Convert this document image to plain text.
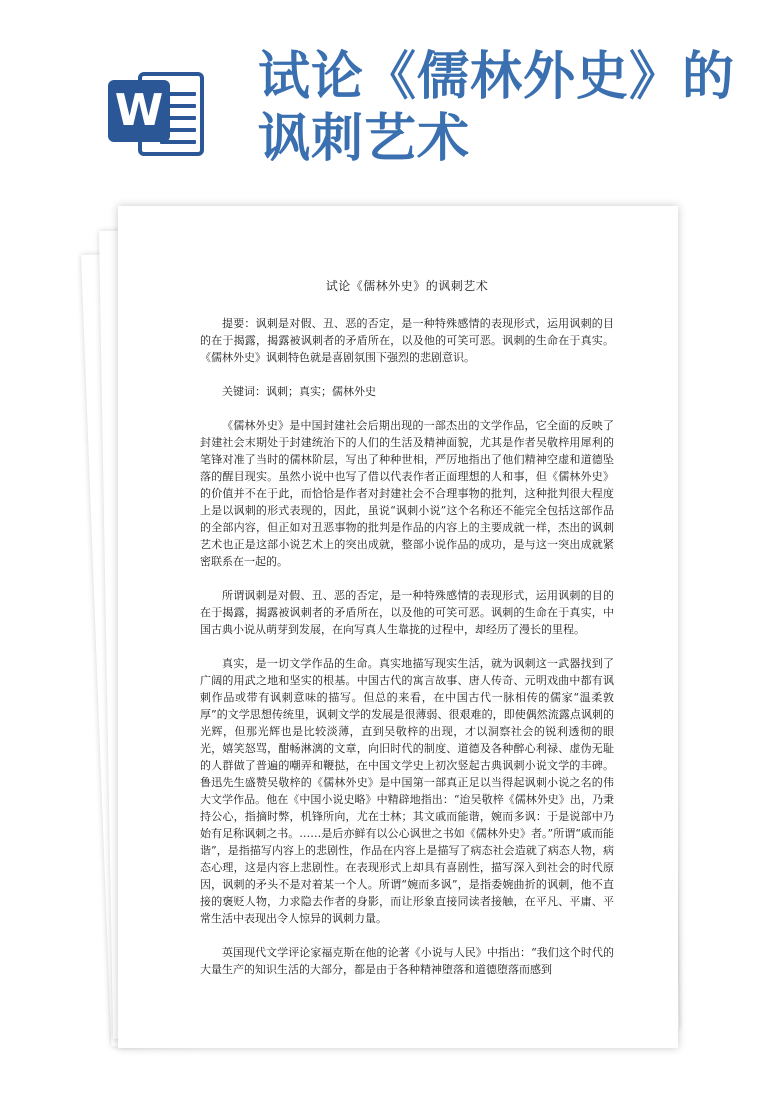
W
试论《儒林外史》的讽刺艺术
试论《儒林外史》的讽刺艺术

提要：讽刺是对假、丑、恶的否定，是一种特殊感情的表现形式，运用讽刺的目的在于揭露，揭露被讽刺者的矛盾所在，以及他的可笑可恶。讽刺的生命在于真实。《儒林外史》讽刺特色就是喜剧氛围下强烈的悲剧意识。

关键词：讽刺；真实；儒林外史

《儒林外史》是中国封建社会后期出现的一部杰出的文学作品，它全面的反映了封建社会末期处于封建统治下的人们的生活及精神面貌，尤其是作者吴敬梓用犀利的笔锋对准了当时的儒林阶层，写出了种种世相，严厉地指出了他们精神空虚和道德坠落的醒目现实。虽然小说中也写了借以代表作者正面理想的人和事，但《儒林外史》的价值并不在于此，而恰恰是作者对封建社会不合理事物的批判，这种批判很大程度上是以讽刺的形式表现的，因此，虽说“讽刺小说”这个名称还不能完全包括这部作品的全部内容，但正如对丑恶事物的批判是作品的内容上的主要成就一样，杰出的讽刺艺术也正是这部小说艺术上的突出成就，整部小说作品的成功，是与这一突出成就紧密联系在一起的。

所谓讽刺是对假、丑、恶的否定，是一种特殊感情的表现形式，运用讽刺的目的在于揭露，揭露被讽刺者的矛盾所在，以及他的可笑可恶。讽刺的生命在于真实，中国古典小说从萌芽到发展，在向写真人生靠拢的过程中，却经历了漫长的里程。

真实，是一切文学作品的生命。真实地描写现实生活，就为讽刺这一武器找到了广阔的用武之地和坚实的根基。中国古代的寓言故事、唐人传奇、元明戏曲中都有讽刺作品或带有讽刺意味的描写。但总的来看，在中国古代一脉相传的儒家“温柔敦厚”的文学思想传统里，讽刺文学的发展是很薄弱、很艰难的，即使偶然流露点讽刺的光辉，但那光辉也是比较淡薄，直到吴敬梓的出现，才以洞察社会的锐利透彻的眼光，嬉笑怒骂，酣畅淋漓的文章，向旧时代的制度、道德及各种醉心利禄、虚伪无耻的人群做了普遍的嘲弄和鞭挞，在中国文学史上初次竖起古典讽刺小说文学的丰碑。鲁迅先生盛赞吴敬梓的《儒林外史》是中国第一部真正足以当得起讽刺小说之名的伟大文学作品。他在《中国小说史略》中精辟地指出：“迨吴敬梓《儒林外史》出，乃秉持公心，指摘时弊，机锋所向，尤在士林；其文戚而能谐，婉而多讽：于是说部中乃始有足称讽刺之书。……是后亦鲜有以公心讽世之书如《儒林外史》者。”所谓“戚而能谐”，是指描写内容上的悲剧性，作品在内容上是描写了病态社会造就了病态人物，病态心理，这是内容上悲剧性。在表现形式上却具有喜剧性，描写深入到社会的时代原因，讽刺的矛头不是对着某一个人。所谓“婉而多讽”，是指委婉曲折的讽刺，他不直接的褒贬人物，力求隐去作者的身影，而让形象直接同读者接触，在平凡、平庸、平常生活中表现出令人惊异的讽刺力量。

英国现代文学评论家福克斯在他的论著《小说与人民》中指出：“我们这个时代的大量生产的知识生活的大部分，都是由于各种精神堕落和道德堕落而感到
